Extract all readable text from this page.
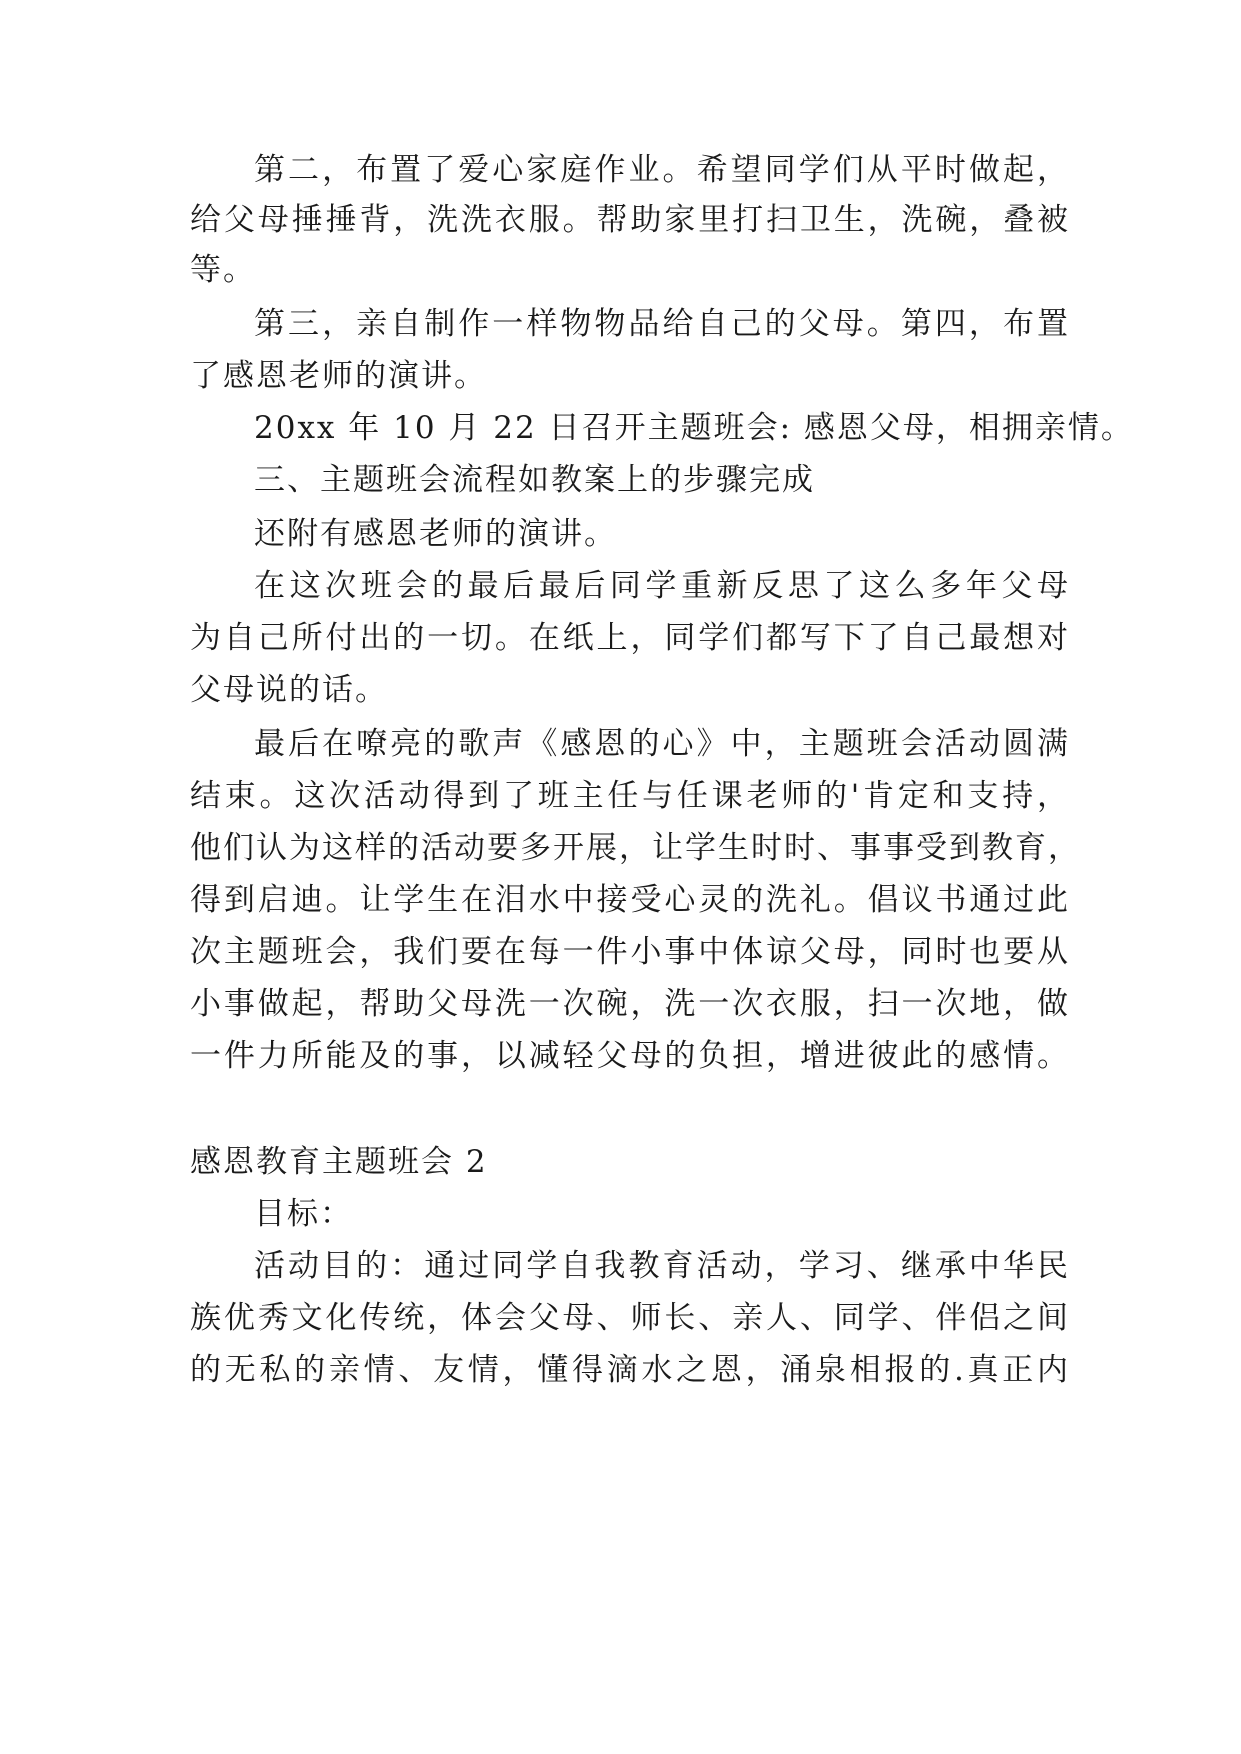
第二，布置了爱心家庭作业。希望同学们从平时做起，
给父母捶捶背，洗洗衣服。帮助家里打扫卫生，洗碗，叠被
等。
第三，亲自制作一样物物品给自己的父母。第四，布置
了感恩老师的演讲。
20xx 年 10 月 22 日召开主题班会: 感恩父母，相拥亲情。
三、主题班会流程如教案上的步骤完成
还附有感恩老师的演讲。
在这次班会的最后最后同学重新反思了这么多年父母
为自己所付出的一切。在纸上，同学们都写下了自己最想对
父母说的话。
最后在嘹亮的歌声《感恩的心》中，主题班会活动圆满
结束。这次活动得到了班主任与任课老师的'肯定和支持，
他们认为这样的活动要多开展，让学生时时、事事受到教育，
得到启迪。让学生在泪水中接受心灵的洗礼。倡议书通过此
次主题班会，我们要在每一件小事中体谅父母，同时也要从
小事做起，帮助父母洗一次碗，洗一次衣服，扫一次地，做
一件力所能及的事，以减轻父母的负担，增进彼此的感情。
感恩教育主题班会 2
目标：
活动目的：通过同学自我教育活动，学习、继承中华民
族优秀文化传统，体会父母、师长、亲人、同学、伴侣之间
的无私的亲情、友情，懂得滴水之恩，涌泉相报的.真正内
